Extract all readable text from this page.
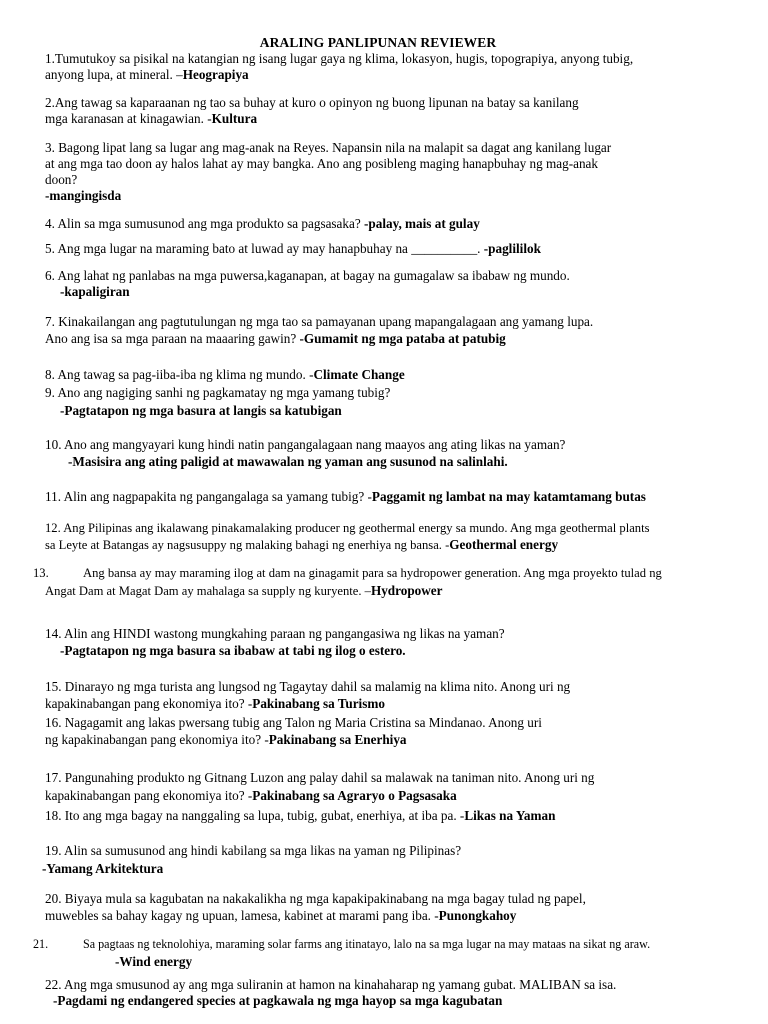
ARALING PANLIPUNAN REVIEWER
1.Tumutukoy sa pisikal na katangian ng isang lugar gaya ng klima, lokasyon, hugis, topograpiya, anyong tubig,
anyong lupa, at mineral. –Heograpiya
2.Ang tawag sa kaparaanan ng tao sa buhay at kuro o opinyon ng buong lipunan na batay sa kanilang
mga karanasan at kinagawian. -Kultura
3. Bagong lipat lang sa lugar ang mag-anak na Reyes. Napansin nila na malapit sa dagat ang kanilang lugar
at ang mga tao doon ay halos lahat ay may bangka. Ano ang posibleng maging hanapbuhay ng mag-anak
doon?
-mangingisda
4. Alin sa mga sumusunod ang mga produkto sa pagsasaka? -palay, mais at gulay
5. Ang mga lugar na maraming bato at luwad ay may hanapbuhay na __________. -paglililok
6. Ang lahat ng panlabas na mga puwersa,kaganapan, at bagay na gumagalaw sa ibabaw ng mundo.
-kapaligiran
7. Kinakailangan ang pagtutulungan ng mga tao sa pamayanan upang mapangalagaan ang yamang lupa.
Ano ang isa sa mga paraan na maaaring gawin? -Gumamit ng mga pataba at patubig
8. Ang tawag sa pag-iiba-iba ng klima ng mundo. -Climate Change
9. Ano ang nagiging sanhi ng pagkamatay ng mga yamang tubig?
-Pagtatapon ng mga basura at langis sa katubigan
10. Ano ang mangyayari kung hindi natin pangangalagaan nang maayos ang ating likas na yaman?
-Masisira ang ating paligid at mawawalan ng yaman ang susunod na salinlahi.
11. Alin ang nagpapakita ng pangangalaga sa yamang tubig? -Paggamit ng lambat na may katamtamang butas
12. Ang Pilipinas ang ikalawang pinakamalaking producer ng geothermal energy sa mundo. Ang mga geothermal plants
sa Leyte at Batangas ay nagsusuppy ng malaking bahagi ng enerhiya ng bansa. -Geothermal energy
13.	Ang bansa ay may maraming ilog at dam na ginagamit para sa hydropower generation. Ang mga proyekto tulad ng
Angat Dam at Magat Dam ay mahalaga sa supply ng kuryente. –Hydropower
14. Alin ang HINDI wastong mungkahing paraan ng pangangasiwa ng likas na yaman?
-Pagtatapon ng mga basura sa ibabaw at tabi ng ilog o estero.
15. Dinarayo ng mga turista ang lungsod ng Tagaytay dahil sa malamig na klima nito. Anong uri ng
kapakinabangan pang ekonomiya ito? -Pakinabang sa Turismo
16. Nagagamit ang lakas pwersang tubig ang Talon ng Maria Cristina sa Mindanao. Anong uri
ng kapakinabangan pang ekonomiya ito? -Pakinabang sa Enerhiya
17. Pangunahing produkto ng Gitnang Luzon ang palay dahil sa malawak na taniman nito. Anong uri ng
kapakinabangan pang ekonomiya ito? -Pakinabang sa Agraryo o Pagsasaka
18. Ito ang mga bagay na nanggaling sa lupa, tubig, gubat, enerhiya, at iba pa. -Likas na Yaman
19. Alin sa sumusunod ang hindi kabilang sa mga likas na yaman ng Pilipinas?
-Yamang Arkitektura
20. Biyaya mula sa kagubatan na nakakalikha ng mga kapakipakinabang na mga bagay tulad ng papel,
muwebles sa bahay kagay ng upuan, lamesa, kabinet at marami pang iba. -Punongkahoy
21.	Sa pagtaas ng teknolohiya, maraming solar farms ang itinatayo, lalo na sa mga lugar na may mataas na sikat ng araw.
-Wind energy
22. Ang mga smusunod ay ang mga suliranin at hamon na kinahaharap ng yamang gubat. MALIBAN sa isa.
-Pagdami ng endangered species at pagkawala ng mga hayop sa mga kagubatan
